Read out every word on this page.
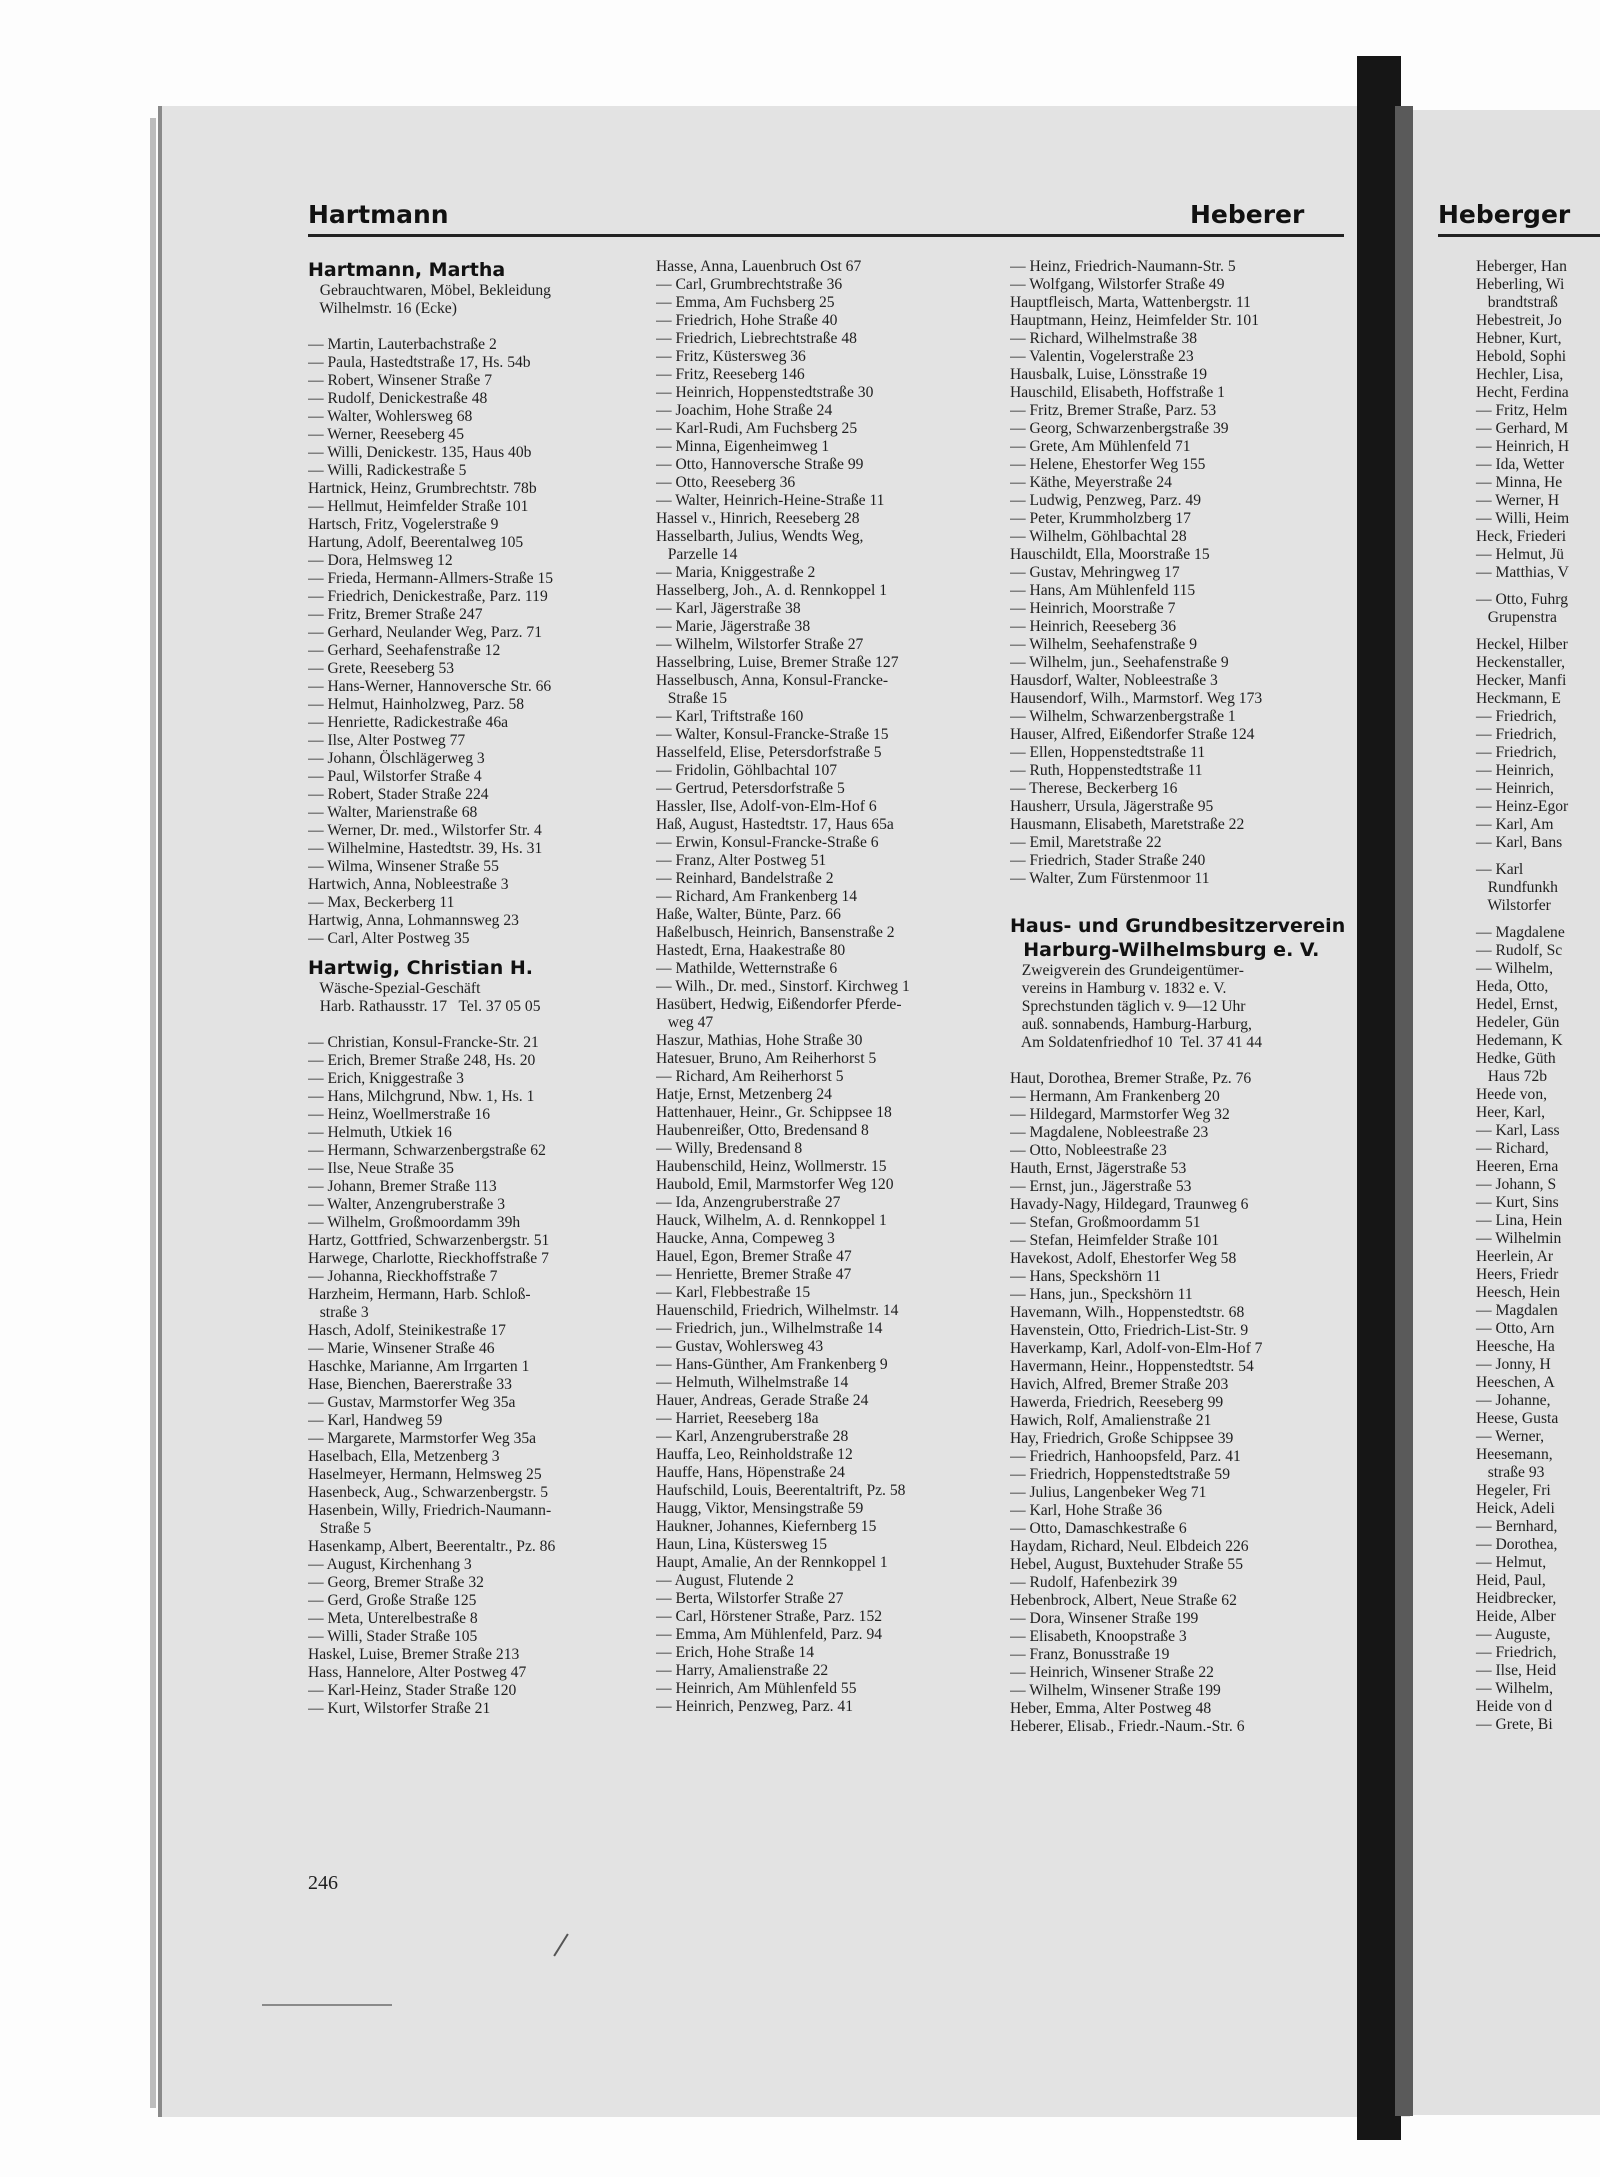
Hartmann	Heberer	Heberger
Hartmann, Martha
Gebrauchtwaren, Möbel, Bekleidung
Wilhelmstr. 16 (Ecke)
— Martin, Lauterbachstraße 2
— Paula, Hastedtstraße 17, Hs. 54b
— Robert, Winsener Straße 7
— Rudolf, Denickestraße 48
— Walter, Wohlersweg 68
— Werner, Reeseberg 45
— Willi, Denickestr. 135, Haus 40b
— Willi, Radickestraße 5
Hartnick, Heinz, Grumbrechtstr. 78b
— Hellmut, Heimfelder Straße 101
Hartsch, Fritz, Vogelerstraße 9
Hartung, Adolf, Beerentalweg 105
— Dora, Helmsweg 12
— Frieda, Hermann-Allmers-Straße 15
— Friedrich, Denickestraße, Parz. 119
— Fritz, Bremer Straße 247
— Gerhard, Neulander Weg, Parz. 71
— Gerhard, Seehafenstraße 12
— Grete, Reeseberg 53
— Hans-Werner, Hannoversche Str. 66
— Helmut, Hainholzweg, Parz. 58
— Henriette, Radickestraße 46a
— Ilse, Alter Postweg 77
— Johann, Ölschlägerweg 3
— Paul, Wilstorfer Straße 4
— Robert, Stader Straße 224
— Walter, Marienstraße 68
— Werner, Dr. med., Wilstorfer Str. 4
— Wilhelmine, Hastedtstr. 39, Hs. 31
— Wilma, Winsener Straße 55
Hartwich, Anna, Nobleestraße 3
— Max, Beckerberg 11
Hartwig, Anna, Lohmannsweg 23
— Carl, Alter Postweg 35
Hartwig, Christian H.
Wäsche-Spezial-Geschäft
Harb. Rathausstr. 17   Tel. 37 05 05
— Christian, Konsul-Francke-Str. 21
— Erich, Bremer Straße 248, Hs. 20
— Erich, Kniggestraße 3
— Hans, Milchgrund, Nbw. 1, Hs. 1
— Heinz, Woellmerstraße 16
— Helmuth, Utkiek 16
— Hermann, Schwarzenbergstraße 62
— Ilse, Neue Straße 35
— Johann, Bremer Straße 113
— Walter, Anzengruberstraße 3
— Wilhelm, Großmoordamm 39h
Hartz, Gottfried, Schwarzenbergstr. 51
Harwege, Charlotte, Rieckhoffstraße 7
— Johanna, Rieckhoffstraße 7
Harzheim, Hermann, Harb. Schloß-
straße 3
Hasch, Adolf, Steinikestraße 17
— Marie, Winsener Straße 46
Haschke, Marianne, Am Irrgarten 1
Hase, Bienchen, Baererstraße 33
— Gustav, Marmstorfer Weg 35a
— Karl, Handweg 59
— Margarete, Marmstorfer Weg 35a
Haselbach, Ella, Metzenberg 3
Haselmeyer, Hermann, Helmsweg 25
Hasenbeck, Aug., Schwarzenbergstr. 5
Hasenbein, Willy, Friedrich-Naumann-
Straße 5
Hasenkamp, Albert, Beerentaltr., Pz. 86
— August, Kirchenhang 3
— Georg, Bremer Straße 32
— Gerd, Große Straße 125
— Meta, Unterelbestraße 8
— Willi, Stader Straße 105
Haskel, Luise, Bremer Straße 213
Hass, Hannelore, Alter Postweg 47
— Karl-Heinz, Stader Straße 120
— Kurt, Wilstorfer Straße 21
Hasse, Anna, Lauenbruch Ost 67
— Carl, Grumbrechtstraße 36
— Emma, Am Fuchsberg 25
— Friedrich, Hohe Straße 40
— Friedrich, Liebrechtstraße 48
— Fritz, Küstersweg 36
— Fritz, Reeseberg 146
— Heinrich, Hoppenstedtstraße 30
— Joachim, Hohe Straße 24
— Karl-Rudi, Am Fuchsberg 25
— Minna, Eigenheimweg 1
— Otto, Hannoversche Straße 99
— Otto, Reeseberg 36
— Walter, Heinrich-Heine-Straße 11
Hassel v., Hinrich, Reeseberg 28
Hasselbarth, Julius, Wendts Weg,
Parzelle 14
— Maria, Kniggestraße 2
Hasselberg, Joh., A. d. Rennkoppel 1
— Karl, Jägerstraße 38
— Marie, Jägerstraße 38
— Wilhelm, Wilstorfer Straße 27
Hasselbring, Luise, Bremer Straße 127
Hasselbusch, Anna, Konsul-Francke-
Straße 15
— Karl, Triftstraße 160
— Walter, Konsul-Francke-Straße 15
Hasselfeld, Elise, Petersdorfstraße 5
— Fridolin, Göhlbachtal 107
— Gertrud, Petersdorfstraße 5
Hassler, Ilse, Adolf-von-Elm-Hof 6
Haß, August, Hastedtstr. 17, Haus 65a
— Erwin, Konsul-Francke-Straße 6
— Franz, Alter Postweg 51
— Reinhard, Bandelstraße 2
— Richard, Am Frankenberg 14
Haße, Walter, Bünte, Parz. 66
Haßelbusch, Heinrich, Bansenstraße 2
Hastedt, Erna, Haakestraße 80
— Mathilde, Wetternstraße 6
— Wilh., Dr. med., Sinstorf. Kirchweg 1
Hasübert, Hedwig, Eißendorfer Pferde-
weg 47
Haszur, Mathias, Hohe Straße 30
Hatesuer, Bruno, Am Reiherhorst 5
— Richard, Am Reiherhorst 5
Hatje, Ernst, Metzenberg 24
Hattenhauer, Heinr., Gr. Schippsee 18
Haubenreißer, Otto, Bredensand 8
— Willy, Bredensand 8
Haubenschild, Heinz, Wollmerstr. 15
Haubold, Emil, Marmstorfer Weg 120
— Ida, Anzengruberstraße 27
Hauck, Wilhelm, A. d. Rennkoppel 1
Haucke, Anna, Compeweg 3
Hauel, Egon, Bremer Straße 47
— Henriette, Bremer Straße 47
— Karl, Flebbestraße 15
Hauenschild, Friedrich, Wilhelmstr. 14
— Friedrich, jun., Wilhelmstraße 14
— Gustav, Wohlersweg 43
— Hans-Günther, Am Frankenberg 9
— Helmuth, Wilhelmstraße 14
Hauer, Andreas, Gerade Straße 24
— Harriet, Reeseberg 18a
— Karl, Anzengruberstraße 28
Hauffa, Leo, Reinholdstraße 12
Hauffe, Hans, Höpenstraße 24
Haufschild, Louis, Beerentaltrift, Pz. 58
Haugg, Viktor, Mensingstraße 59
Haukner, Johannes, Kiefernberg 15
Haun, Lina, Küstersweg 15
Haupt, Amalie, An der Rennkoppel 1
— August, Flutende 2
— Berta, Wilstorfer Straße 27
— Carl, Hörstener Straße, Parz. 152
— Emma, Am Mühlenfeld, Parz. 94
— Erich, Hohe Straße 14
— Harry, Amalienstraße 22
— Heinrich, Am Mühlenfeld 55
— Heinrich, Penzweg, Parz. 41
— Heinz, Friedrich-Naumann-Str. 5
— Wolfgang, Wilstorfer Straße 49
Hauptfleisch, Marta, Wattenbergstr. 11
Hauptmann, Heinz, Heimfelder Str. 101
— Richard, Wilhelmstraße 38
— Valentin, Vogelerstraße 23
Hausbalk, Luise, Lönsstraße 19
Hauschild, Elisabeth, Hoffstraße 1
— Fritz, Bremer Straße, Parz. 53
— Georg, Schwarzenbergstraße 39
— Grete, Am Mühlenfeld 71
— Helene, Ehestorfer Weg 155
— Käthe, Meyerstraße 24
— Ludwig, Penzweg, Parz. 49
— Peter, Krummholzberg 17
— Wilhelm, Göhlbachtal 28
Hauschildt, Ella, Moorstraße 15
— Gustav, Mehringweg 17
— Hans, Am Mühlenfeld 115
— Heinrich, Moorstraße 7
— Heinrich, Reeseberg 36
— Wilhelm, Seehafenstraße 9
— Wilhelm, jun., Seehafenstraße 9
Hausdorf, Walter, Nobleestraße 3
Hausendorf, Wilh., Marmstorf. Weg 173
— Wilhelm, Schwarzenbergstraße 1
Hauser, Alfred, Eißendorfer Straße 124
— Ellen, Hoppenstedtstraße 11
— Ruth, Hoppenstedtstraße 11
— Therese, Beckerberg 16
Hausherr, Ursula, Jägerstraße 95
Hausmann, Elisabeth, Maretstraße 22
— Emil, Maretstraße 22
— Friedrich, Stader Straße 240
— Walter, Zum Fürstenmoor 11
Haus- und Grundbesitzerverein
Harburg-Wilhelmsburg e. V.
Zweigverein des Grundeigentümer-
vereins in Hamburg v. 1832 e. V.
Sprechstunden täglich v. 9—12 Uhr
auß. sonnabends, Hamburg-Harburg,
Am Soldatenfriedhof 10  Tel. 37 41 44
Haut, Dorothea, Bremer Straße, Pz. 76
— Hermann, Am Frankenberg 20
— Hildegard, Marmstorfer Weg 32
— Magdalene, Nobleestraße 23
— Otto, Nobleestraße 23
Hauth, Ernst, Jägerstraße 53
— Ernst, jun., Jägerstraße 53
Havady-Nagy, Hildegard, Traunweg 6
— Stefan, Großmoordamm 51
— Stefan, Heimfelder Straße 101
Havekost, Adolf, Ehestorfer Weg 58
— Hans, Speckshörn 11
— Hans, jun., Speckshörn 11
Havemann, Wilh., Hoppenstedtstr. 68
Havenstein, Otto, Friedrich-List-Str. 9
Haverkamp, Karl, Adolf-von-Elm-Hof 7
Havermann, Heinr., Hoppenstedtstr. 54
Havich, Alfred, Bremer Straße 203
Hawerda, Friedrich, Reeseberg 99
Hawich, Rolf, Amalienstraße 21
Hay, Friedrich, Große Schippsee 39
— Friedrich, Hanhoopsfeld, Parz. 41
— Friedrich, Hoppenstedtstraße 59
— Julius, Langenbeker Weg 71
— Karl, Hohe Straße 36
— Otto, Damaschkestraße 6
Haydam, Richard, Neul. Elbdeich 226
Hebel, August, Buxtehuder Straße 55
— Rudolf, Hafenbezirk 39
Hebenbrock, Albert, Neue Straße 62
— Dora, Winsener Straße 199
— Elisabeth, Knoopstraße 3
— Franz, Bonusstraße 19
— Heinrich, Winsener Straße 22
— Wilhelm, Winsener Straße 199
Heber, Emma, Alter Postweg 48
Heberer, Elisab., Friedr.-Naum.-Str. 6
Heberger, Han
Heberling, Wi
brandtstraß
Hebestreit, Jo
Hebner, Kurt,
Hebold, Sophi
Hechler, Lisa,
Hecht, Ferdina
— Fritz, Helm
— Gerhard, M
— Heinrich, H
— Ida, Wetter
— Minna, He
— Werner, H
— Willi, Heim
Heck, Friederi
— Helmut, Jü
— Matthias, V
— Otto, Fuhrg
Grupenstra
Heckel, Hilber
Heckenstaller,
Hecker, Manfi
Heckmann, E
— Friedrich,
— Friedrich,
— Friedrich,
— Heinrich,
— Heinrich,
— Heinz-Egor
— Karl, Am
— Karl, Bans
— Karl
Rundfunkh
Wilstorfer
— Magdalene
— Rudolf, Sc
— Wilhelm,
Heda, Otto,
Hedel, Ernst,
Hedeler, Gün
Hedemann, K
Hedke, Güth
Haus 72b
Heede von,
Heer, Karl,
— Karl, Lass
— Richard,
Heeren, Erna
— Johann, S
— Kurt, Sins
— Lina, Hein
— Wilhelmin
Heerlein, Ar
Heers, Friedr
Heesch, Hein
— Magdalen
— Otto, Arn
Heesche, Ha
— Jonny, H
Heeschen, A
— Johanne,
Heese, Gusta
— Werner,
Heesemann,
straße 93
Hegeler, Fri
Heick, Adeli
— Bernhard,
— Dorothea,
— Helmut,
Heid, Paul,
Heidbrecker,
Heide, Alber
— Auguste,
— Friedrich,
— Ilse, Heid
— Wilhelm,
Heide von d
— Grete, Bi
246
